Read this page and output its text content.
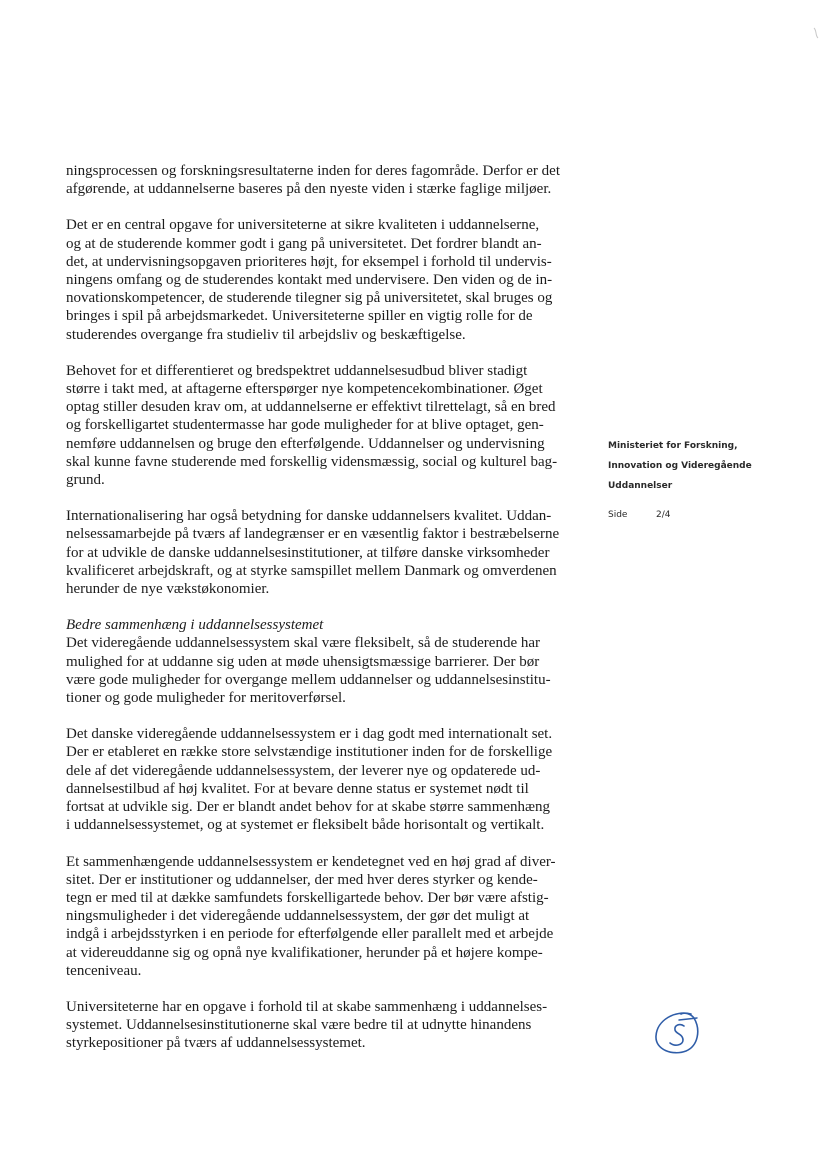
ningsprocessen og forskningsresultaterne inden for deres fagområde. Derfor er det
afgørende, at uddannelserne baseres på den nyeste viden i stærke faglige miljøer.

Det er en central opgave for universiteterne at sikre kvaliteten i uddannelserne,
og at de studerende kommer godt i gang på universitetet. Det fordrer blandt an-
det, at undervisningsopgaven prioriteres højt, for eksempel i forhold til undervis-
ningens omfang og de studerendes kontakt med undervisere. Den viden og de in-
novationskompetencer, de studerende tilegner sig på universitetet, skal bruges og
bringes i spil på arbejdsmarkedet. Universiteterne spiller en vigtig rolle for de
studerendes overgange fra studieliv til arbejdsliv og beskæftigelse.

Behovet for et differentieret og bredspektret uddannelsesudbud bliver stadigt
større i takt med, at aftagerne efterspørger nye kompetencekombinationer. Øget
optag stiller desuden krav om, at uddannelserne er effektivt tilrettelagt, så en bred
og forskelligartet studentermasse har gode muligheder for at blive optaget, gen-
nemføre uddannelsen og bruge den efterfølgende. Uddannelser og undervisning
skal kunne favne studerende med forskellig vidensmæssig, social og kulturel bag-
grund.

Internationalisering har også betydning for danske uddannelsers kvalitet. Uddan-
nelsessamarbejde på tværs af landegrænser er en væsentlig faktor i bestræbelserne
for at udvikle de danske uddannelsesinstitutioner, at tilføre danske virksomheder
kvalificeret arbejdskraft, og at styrke samspillet mellem Danmark og omverdenen
herunder de nye vækstøkonomier.

Bedre sammenhæng i uddannelsessystemet
Det videregående uddannelsessystem skal være fleksibelt, så de studerende har
mulighed for at uddanne sig uden at møde uhensigtsmæssige barrierer. Der bør
være gode muligheder for overgange mellem uddannelser og uddannelsesinstitu-
tioner og gode muligheder for meritoverførsel.

Det danske videregående uddannelsessystem er i dag godt med internationalt set.
Der er etableret en række store selvstændige institutioner inden for de forskellige
dele af det videregående uddannelsessystem, der leverer nye og opdaterede ud-
dannelsestilbud af høj kvalitet. For at bevare denne status er systemet nødt til
fortsat at udvikle sig. Der er blandt andet behov for at skabe større sammenhæng
i uddannelsessystemet, og at systemet er fleksibelt både horisontalt og vertikalt.

Et sammenhængende uddannelsessystem er kendetegnet ved en høj grad af diver-
sitet. Der er institutioner og uddannelser, der med hver deres styrker og kende-
tegn er med til at dække samfundets forskelligartede behov. Der bør være afstig-
ningsmuligheder i det videregående uddannelsessystem, der gør det muligt at
indgå i arbejdsstyrken i en periode for efterfølgende eller parallelt med et arbejde
at videreuddanne sig og opnå nye kvalifikationer, herunder på et højere kompe-
tenceniveau.

Universiteterne har en opgave i forhold til at skabe sammenhæng i uddannelses-
systemet. Uddannelsesinstitutionerne skal være bedre til at udnytte hinandens
styrkepositioner på tværs af uddannelsessystemet.

Ministeriet for Forskning,
Innovation og Videregående
Uddannelser
Side	2/4
